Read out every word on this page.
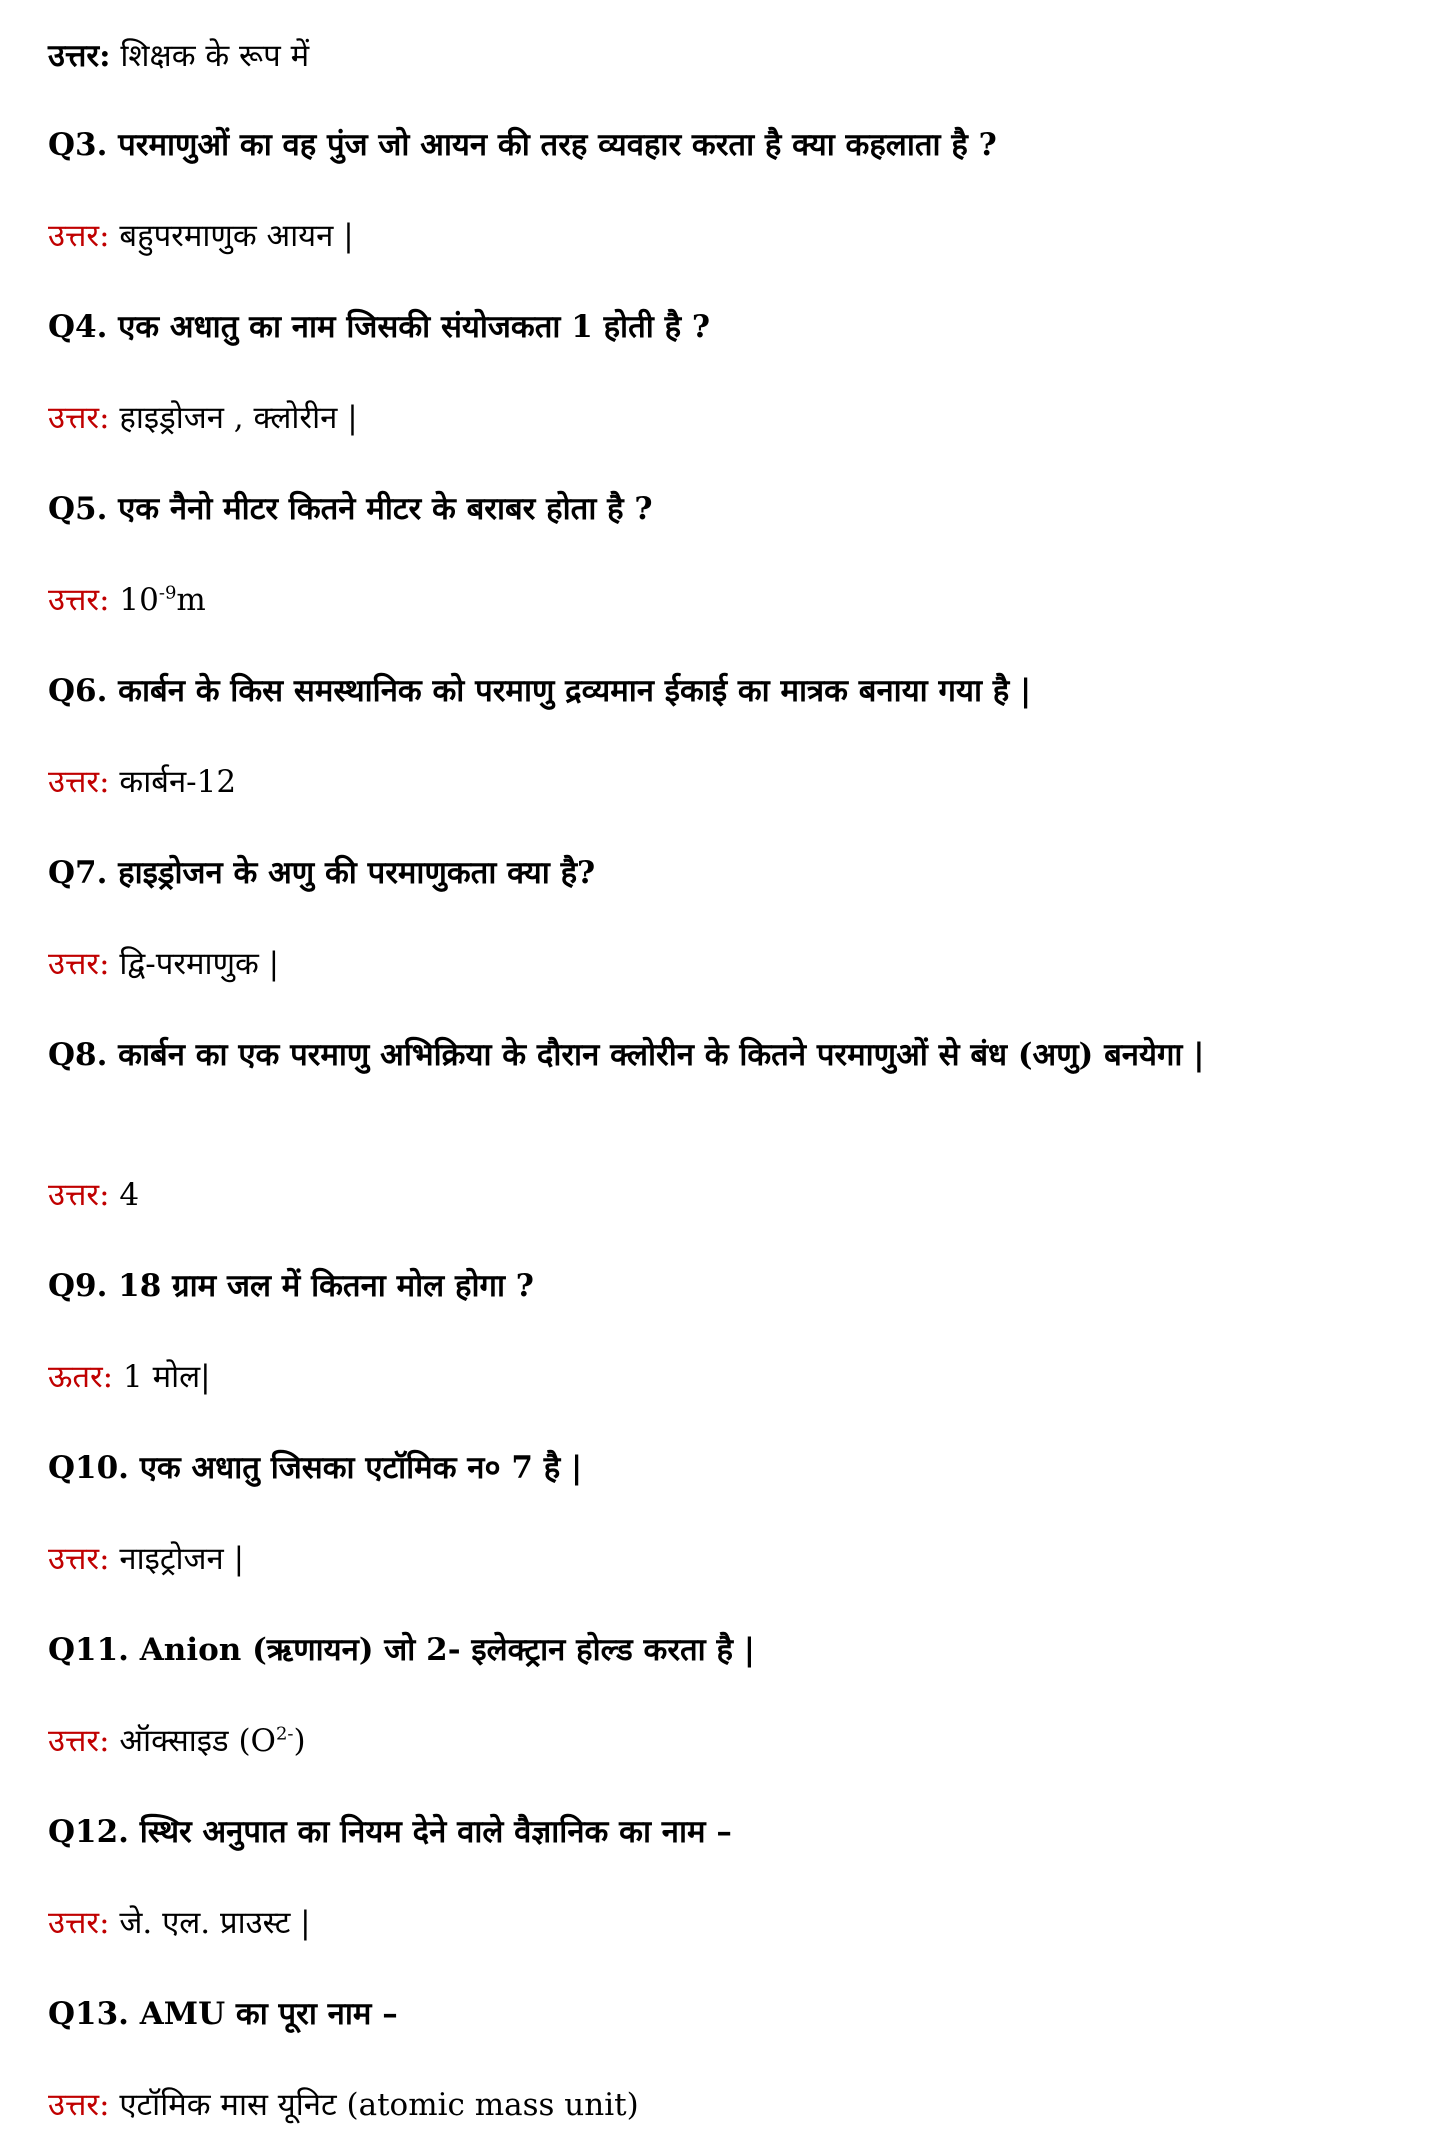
उत्तर: शिक्षक के रूप में
Q3. परमाणुओं का वह पुंज जो आयन की तरह व्यवहार करता है क्या कहलाता है ?
उत्तर: बहुपरमाणुक आयन |
Q4. एक अधातु का नाम जिसकी संयोजकता 1 होती है ?
उत्तर: हाइड्रोजन , क्लोरीन |
Q5. एक नैनो मीटर कितने मीटर के बराबर होता है ?
उत्तर: $10^{-9}m$
Q6. कार्बन के किस समस्थानिक को परमाणु द्रव्यमान ईकाई का मात्रक बनाया गया है |
उत्तर: कार्बन-12
Q7. हाइड्रोजन के अणु की परमाणुकता क्या है?
उत्तर: द्वि-परमाणुक |
Q8. कार्बन का एक परमाणु अभिक्रिया के दौरान क्लोरीन के कितने परमाणुओं से बंध (अणु) बनयेगा |
उत्तर: 4
Q9. 18 ग्राम जल में कितना मोल होगा ?
ऊतर: 1 मोल|
Q10. एक अधातु जिसका एटॉमिक न० 7 है |
उत्तर: नाइट्रोजन |
Q11. Anion (ऋणायन) जो 2- इलेक्ट्रान होल्ड करता है |
उत्तर: ऑक्साइड $(O^{2-})$
Q12. स्थिर अनुपात का नियम देने वाले वैज्ञानिक का नाम –
उत्तर: जे. एल. प्राउस्ट |
Q13. AMU का पूरा नाम –
उत्तर: एटॉमिक मास यूनिट (atomic mass unit)
